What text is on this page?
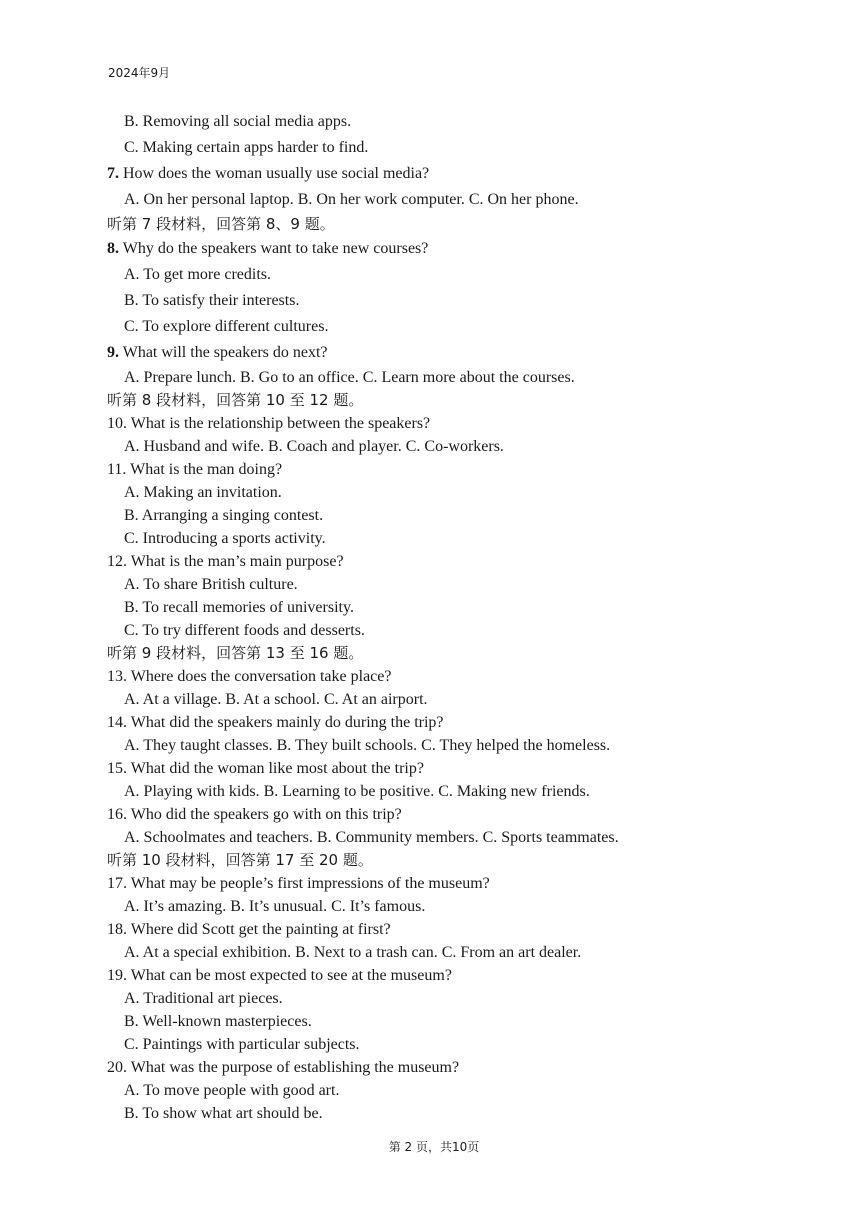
2024年9月
B. Removing all social media apps.
C. Making certain apps harder to find.
7. How does the woman usually use social media?
A. On her personal laptop. B. On her work computer. C. On her phone.
听第 7 段材料，回答第 8、9 题。
8. Why do the speakers want to take new courses?
A. To get more credits.
B. To satisfy their interests.
C. To explore different cultures.
9. What will the speakers do next?
A. Prepare lunch. B. Go to an office. C. Learn more about the courses.
听第 8 段材料，回答第 10 至 12 题。
10. What is the relationship between the speakers?
A. Husband and wife. B. Coach and player. C. Co-workers.
11. What is the man doing?
A. Making an invitation.
B. Arranging a singing contest.
C. Introducing a sports activity.
12. What is the man’s main purpose?
A. To share British culture.
B. To recall memories of university.
C. To try different foods and desserts.
听第 9 段材料，回答第 13 至 16 题。
13. Where does the conversation take place?
A. At a village. B. At a school. C. At an airport.
14. What did the speakers mainly do during the trip?
A. They taught classes. B. They built schools. C. They helped the homeless.
15. What did the woman like most about the trip?
A. Playing with kids. B. Learning to be positive. C. Making new friends.
16. Who did the speakers go with on this trip?
A. Schoolmates and teachers. B. Community members. C. Sports teammates.
听第 10 段材料，回答第 17 至 20 题。
17. What may be people’s first impressions of the museum?
A. It’s amazing. B. It’s unusual. C. It’s famous.
18. Where did Scott get the painting at first?
A. At a special exhibition. B. Next to a trash can. C. From an art dealer.
19. What can be most expected to see at the museum?
A. Traditional art pieces.
B. Well-known masterpieces.
C. Paintings with particular subjects.
20. What was the purpose of establishing the museum?
A. To move people with good art.
B. To show what art should be.
第 2 页，共10页
